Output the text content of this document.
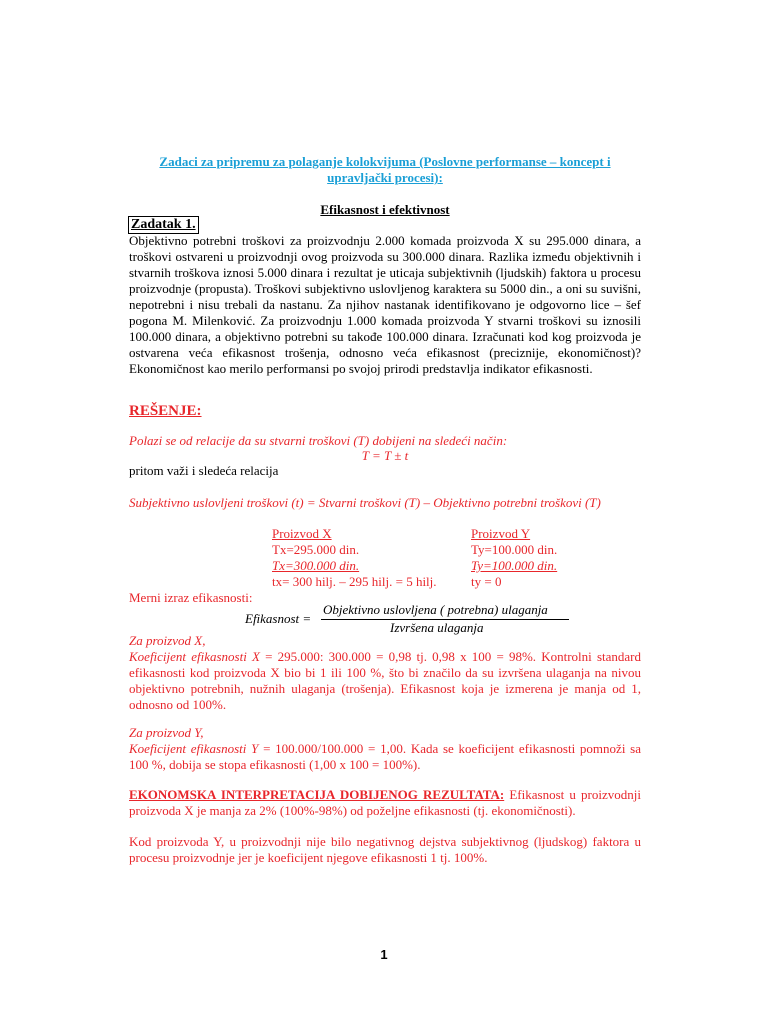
Zadaci za pripremu za polaganje kolokvijuma (Poslovne performanse – koncept i
upravljački procesi):
Efikasnost i efektivnost
Zadatak 1.
Objektivno potrebni troškovi za proizvodnju 2.000 komada proizvoda X su 295.000 dinara, a troškovi ostvareni u proizvodnji ovog proizvoda su 300.000 dinara. Razlika između objektivnih i stvarnih troškova iznosi 5.000 dinara i rezultat je uticaja subjektivnih (ljudskih) faktora u procesu proizvodnje (propusta). Troškovi subjektivno uslovljenog karaktera su 5000 din., a oni su suvišni, nepotrebni i nisu trebali da nastanu. Za njihov nastanak identifikovano je odgovorno lice – šef pogona M. Milenković. Za proizvodnju 1.000 komada proizvoda Y stvarni troškovi su iznosili 100.000 dinara, a objektivno potrebni su takođe 100.000 dinara. Izračunati kod kog proizvoda je ostvarena veća efikasnost trošenja, odnosno veća efikasnost (preciznije, ekonomičnost)? Ekonomičnost kao merilo performansi po svojoj prirodi predstavlja indikator efikasnosti.
REŠENJE:
Polazi se od relacije da su stvarni troškovi (T) dobijeni na sledeći način:
T = T ± t
pritom važi i sledeća relacija
Subjektivno uslovljeni troškovi (t) = Stvarni troškovi (T) – Objektivno potrebni troškovi (T)
Proizvod X
Tx=295.000 din.
Tx=300.000 din.
tx= 300 hilj. – 295 hilj. = 5 hilj.
Proizvod Y
Ty=100.000 din.
Ty=100.000 din.
ty = 0
Merni izraz efikasnosti:
Efikasnost =
Objektivno uslovljena ( potrebna) ulaganja
Izvršena ulaganja
Za proizvod X,
Koeficijent efikasnosti X = 295.000: 300.000 = 0,98 tj. 0,98 x 100 = 98%. Kontrolni standard efikasnosti kod proizvoda X bio bi 1 ili 100 %, što bi značilo da su izvršena ulaganja na nivou objektivno potrebnih, nužnih ulaganja (trošenja). Efikasnost koja je izmerena je manja od 1, odnosno od 100%.
Za proizvod Y,
Koeficijent efikasnosti Y = 100.000/100.000 = 1,00. Kada se koeficijent efikasnosti pomnoži sa 100 %, dobija se stopa efikasnosti (1,00 x 100 = 100%).
EKONOMSKA INTERPRETACIJA DOBIJENOG REZULTATA: Efikasnost u proizvodnji proizvoda X je manja za 2% (100%-98%) od poželjne efikasnosti (tj. ekonomičnosti).
Kod proizvoda Y, u proizvodnji nije bilo negativnog dejstva subjektivnog (ljudskog) faktora u procesu proizvodnje jer je koeficijent njegove efikasnosti 1 tj. 100%.
1
